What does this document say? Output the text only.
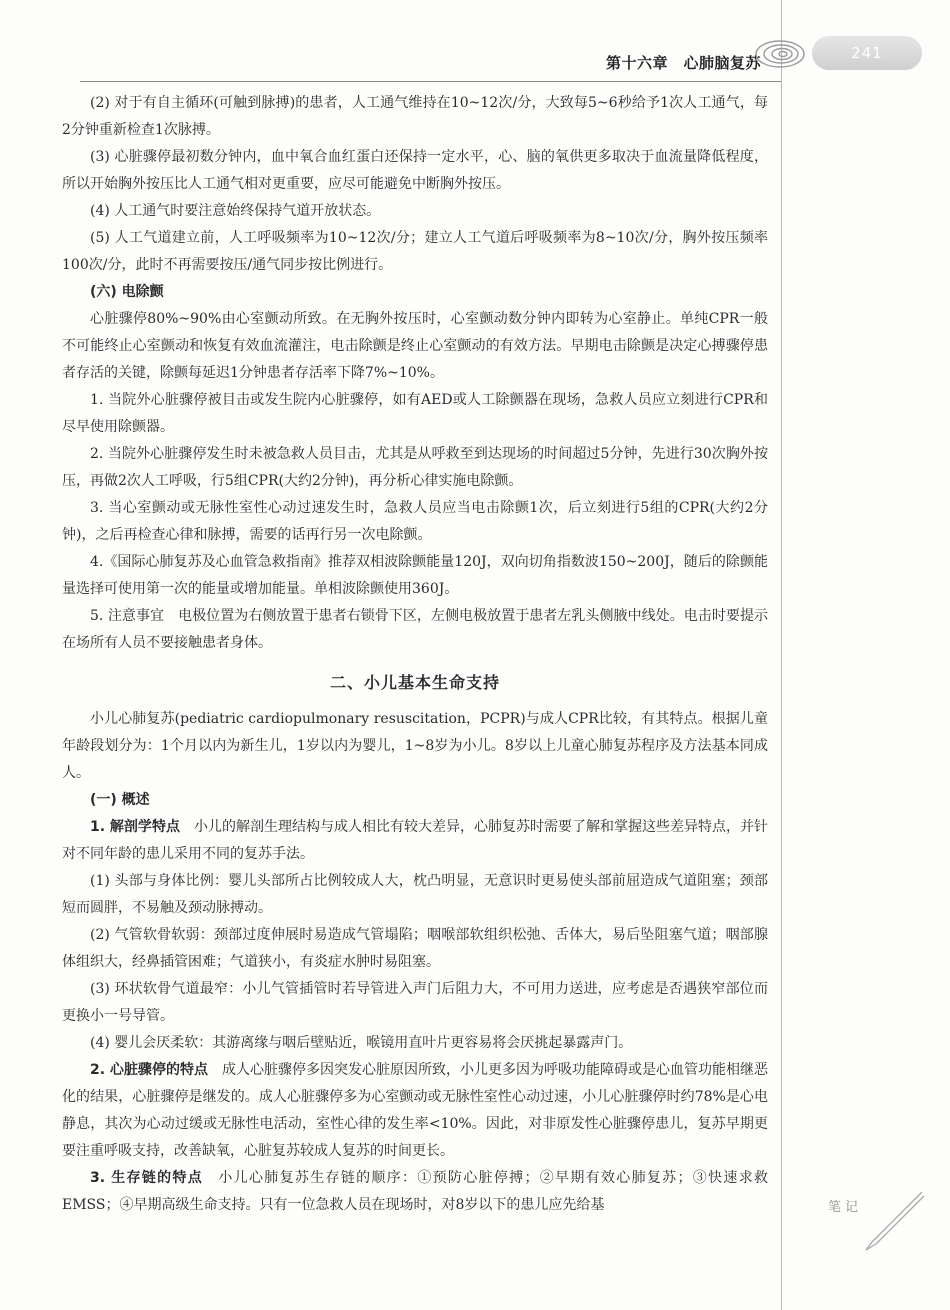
第十六章　心肺脑复苏
241

(2) 对于有自主循环(可触到脉搏)的患者，人工通气维持在10~12次/分，大致每5~6秒给予1次人工通气，每2分钟重新检查1次脉搏。

(3) 心脏骤停最初数分钟内，血中氧合血红蛋白还保持一定水平，心、脑的氧供更多取决于血流量降低程度，所以开始胸外按压比人工通气相对更重要，应尽可能避免中断胸外按压。

(4) 人工通气时要注意始终保持气道开放状态。

(5) 人工气道建立前，人工呼吸频率为10~12次/分；建立人工气道后呼吸频率为8~10次/分，胸外按压频率100次/分，此时不再需要按压/通气同步按比例进行。

(六) 电除颤

心脏骤停80%~90%由心室颤动所致。在无胸外按压时，心室颤动数分钟内即转为心室静止。单纯CPR一般不可能终止心室颤动和恢复有效血流灌注，电击除颤是终止心室颤动的有效方法。早期电击除颤是决定心搏骤停患者存活的关键，除颤每延迟1分钟患者存活率下降7%~10%。

1. 当院外心脏骤停被目击或发生院内心脏骤停，如有AED或人工除颤器在现场，急救人员应立刻进行CPR和尽早使用除颤器。

2. 当院外心脏骤停发生时未被急救人员目击，尤其是从呼救至到达现场的时间超过5分钟，先进行30次胸外按压，再做2次人工呼吸，行5组CPR(大约2分钟)，再分析心律实施电除颤。

3. 当心室颤动或无脉性室性心动过速发生时，急救人员应当电击除颤1次，后立刻进行5组的CPR(大约2分钟)，之后再检查心律和脉搏，需要的话再行另一次电除颤。

4.《国际心肺复苏及心血管急救指南》推荐双相波除颤能量120J，双向切角指数波150~200J，随后的除颤能量选择可使用第一次的能量或增加能量。单相波除颤使用360J。

5. 注意事宜　电极位置为右侧放置于患者右锁骨下区，左侧电极放置于患者左乳头侧腋中线处。电击时要提示在场所有人员不要接触患者身体。

二、小儿基本生命支持

小儿心肺复苏(pediatric cardiopulmonary resuscitation，PCPR)与成人CPR比较，有其特点。根据儿童年龄段划分为：1个月以内为新生儿，1岁以内为婴儿，1~8岁为小儿。8岁以上儿童心肺复苏程序及方法基本同成人。

(一) 概述

1. 解剖学特点　小儿的解剖生理结构与成人相比有较大差异，心肺复苏时需要了解和掌握这些差异特点，并针对不同年龄的患儿采用不同的复苏手法。

(1) 头部与身体比例：婴儿头部所占比例较成人大，枕凸明显，无意识时更易使头部前屈造成气道阻塞；颈部短而圆胖，不易触及颈动脉搏动。

(2) 气管软骨软弱：颈部过度伸展时易造成气管塌陷；咽喉部软组织松弛、舌体大，易后坠阻塞气道；咽部腺体组织大，经鼻插管困难；气道狭小，有炎症水肿时易阻塞。

(3) 环状软骨气道最窄：小儿气管插管时若导管进入声门后阻力大，不可用力送进，应考虑是否遇狭窄部位而更换小一号导管。

(4) 婴儿会厌柔软：其游离缘与咽后壁贴近，喉镜用直叶片更容易将会厌挑起暴露声门。

2. 心脏骤停的特点　成人心脏骤停多因突发心脏原因所致，小儿更多因为呼吸功能障碍或是心血管功能相继恶化的结果，心脏骤停是继发的。成人心脏骤停多为心室颤动或无脉性室性心动过速，小儿心脏骤停时约78%是心电静息，其次为心动过缓或无脉性电活动，室性心律的发生率<10%。因此，对非原发性心脏骤停患儿，复苏早期更要注重呼吸支持，改善缺氧，心脏复苏较成人复苏的时间更长。

3. 生存链的特点　小儿心肺复苏生存链的顺序：①预防心脏停搏；②早期有效心肺复苏；③快速求救EMSS；④早期高级生命支持。只有一位急救人员在现场时，对8岁以下的患儿应先给基	笔记
